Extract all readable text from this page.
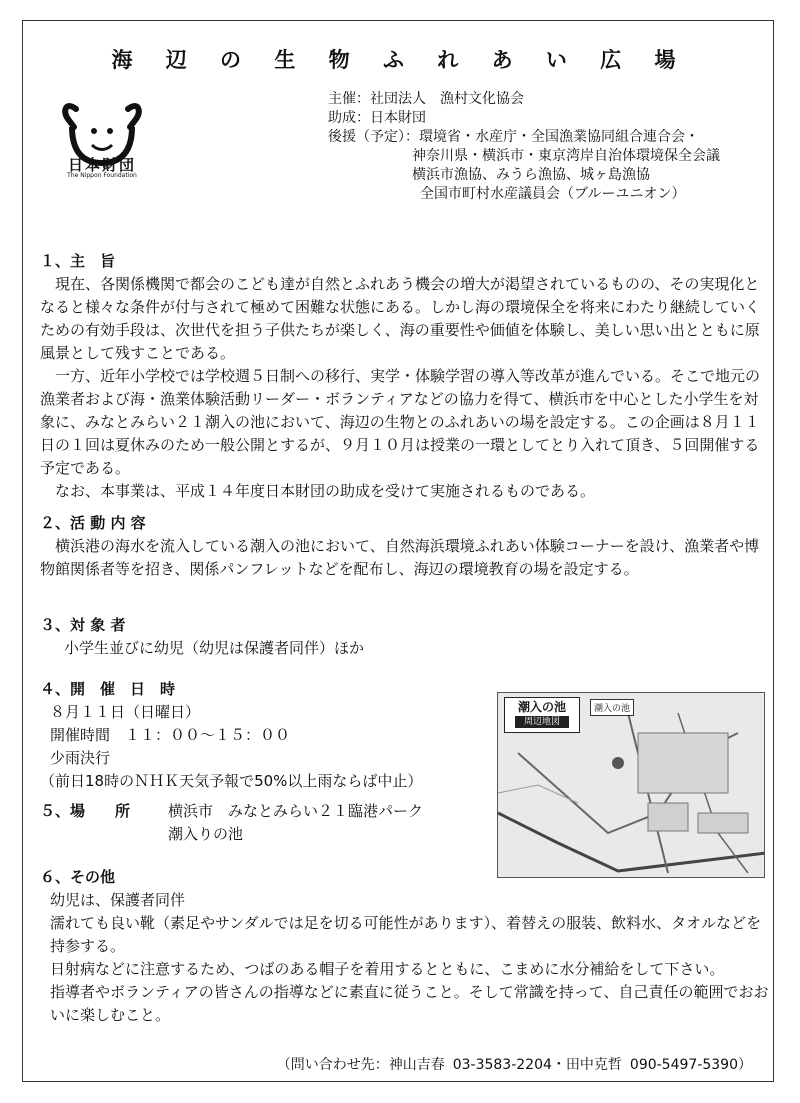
海 辺 の 生 物 ふ れ あ い 広 場
日本財団
The Nippon Foundation
主催：社団法人　漁村文化協会
助成：日本財団
後援（予定）：環境省・水産庁・全国漁業協同組合連合会・
神奈川県・横浜市・東京湾岸自治体環境保全会議
横浜市漁協、みうら漁協、城ヶ島漁協
全国市町村水産議員会（ブルーユニオン）
１、主　旨
現在、各関係機関で都会のこども達が自然とふれあう機会の増大が渇望されているものの、その実現化となると様々な条件が付与されて極めて困難な状態にある。しかし海の環境保全を将来にわたり継続していくための有効手段は、次世代を担う子供たちが楽しく、海の重要性や価値を体験し、美しい思い出とともに原風景として残すことである。
一方、近年小学校では学校週５日制への移行、実学・体験学習の導入等改革が進んでいる。そこで地元の漁業者および海・漁業体験活動リーダー・ボランティアなどの協力を得て、横浜市を中心とした小学生を対象に、みなとみらい２１潮入の池において、海辺の生物とのふれあいの場を設定する。この企画は８月１１日の１回は夏休みのため一般公開とするが、９月１０月は授業の一環としてとり入れて頂き、５回開催する予定である。
なお、本事業は、平成１４年度日本財団の助成を受けて実施されるものである。
２、活 動 内 容
横浜港の海水を流入している潮入の池において、自然海浜環境ふれあい体験コーナーを設け、漁業者や博物館関係者等を招き、関係パンフレットなどを配布し、海辺の環境教育の場を設定する。
３、対 象 者
小学生並びに幼児（幼児は保護者同伴）ほか
４、開　催　日　時
８月１１日（日曜日）
開催時間　１１：００～１５：００
少雨決行
（前日18時のＮＨＫ天気予報で50%以上雨ならば中止）
５、場　　所	横浜市　みなとみらい２１臨港パーク
潮入りの池
潮入の池
周辺地図
潮入の池
６、その他
幼児は、保護者同伴
濡れても良い靴（素足やサンダルでは足を切る可能性があります）、着替えの服装、飲料水、タオルなどを持参する。
日射病などに注意するため、つばのある帽子を着用するとともに、こまめに水分補給をして下さい。
指導者やボランティアの皆さんの指導などに素直に従うこと。そして常識を持って、自己責任の範囲でおおいに楽しむこと。
（問い合わせ先：神山吉春 03-3583-2204・田中克哲 090-5497-5390）
